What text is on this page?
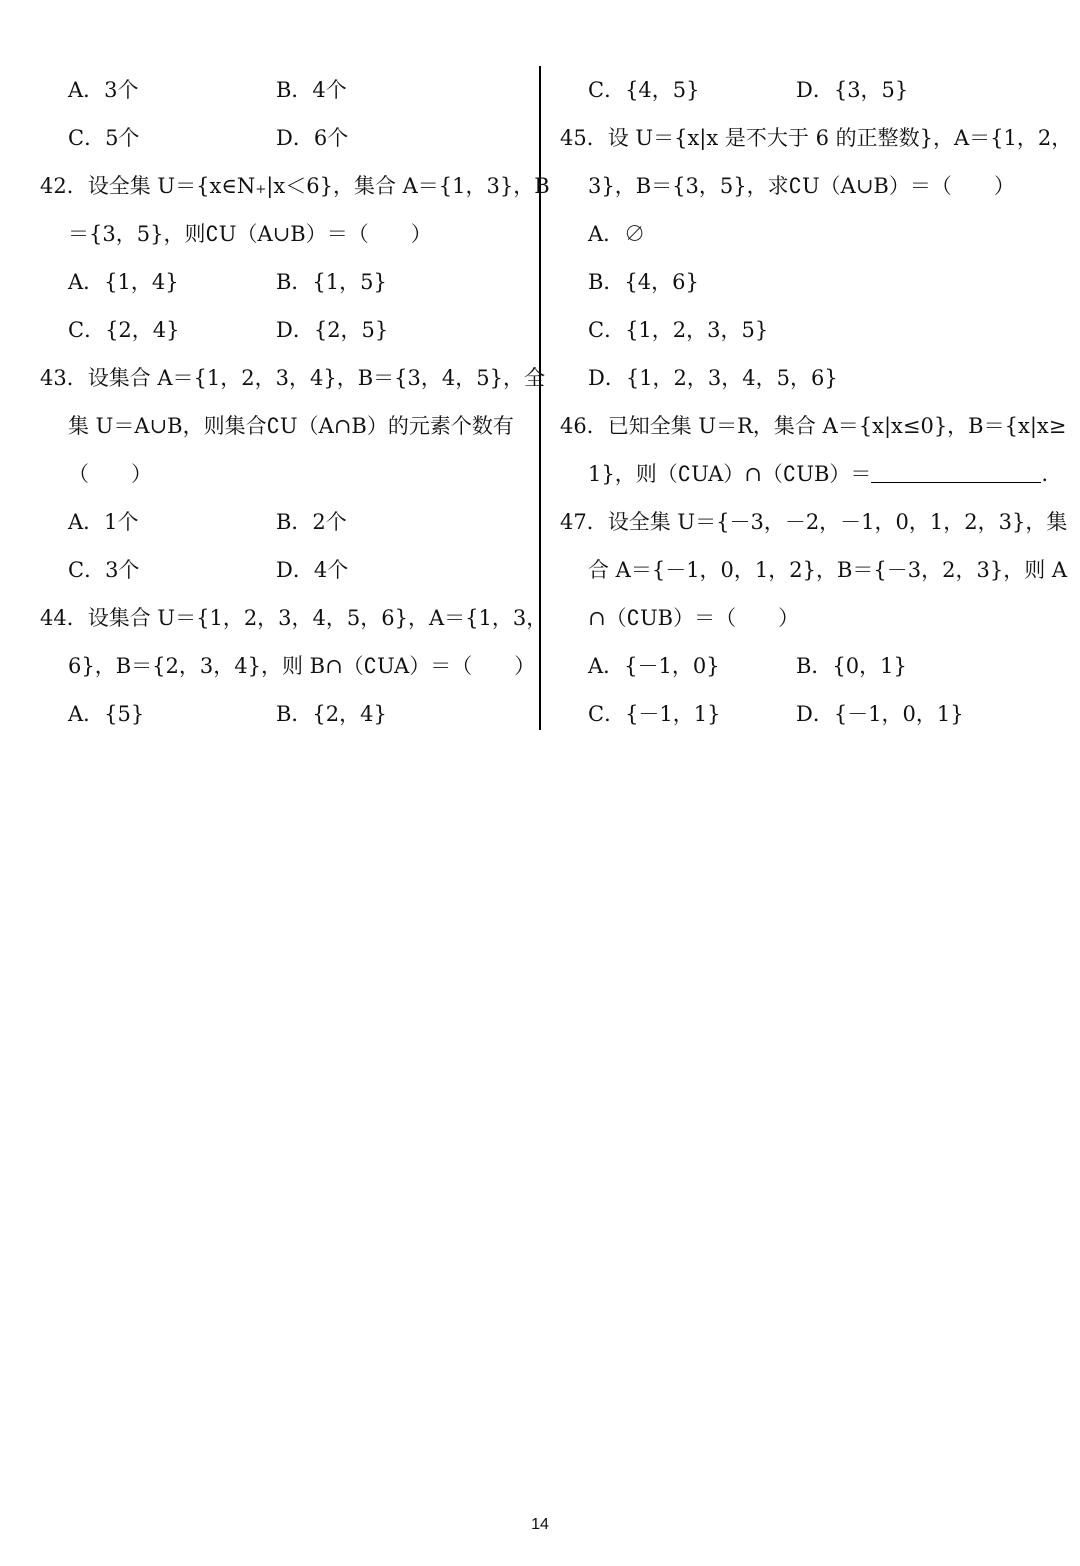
A．3个	B．4个
C．5个	D．6个
42．设全集 U＝{x∈N₊|x＜6}，集合 A＝{1，3}，B
＝{3，5}，则∁U（A∪B）＝（　　）
A．{1，4}	B．{1，5}
C．{2，4}	D．{2，5}
43．设集合 A＝{1，2，3，4}，B＝{3，4，5}，全
集 U＝A∪B，则集合∁U（A∩B）的元素个数有
（　　）
A．1个	B．2个
C．3个	D．4个
44．设集合 U＝{1，2，3，4，5，6}，A＝{1，3，
6}，B＝{2，3，4}，则 B∩（∁UA）＝（　　）
A．{5}	B．{2，4}
C．{4，5}	D．{3，5}
45．设 U＝{x|x 是不大于 6 的正整数}，A＝{1，2，
3}，B＝{3，5}，求∁U（A∪B）＝（　　）
A．∅
B．{4，6}
C．{1，2，3，5}
D．{1，2，3，4，5，6}
46．已知全集 U＝R，集合 A＝{x|x≤0}，B＝{x|x≥
1}，则（∁UA）∩（∁UB）＝	.
47．设全集 U＝{－3，－2，－1，0，1，2，3}，集
合 A＝{－1，0，1，2}，B＝{－3，2，3}，则 A
∩（∁UB）＝（　　）
A．{－1，0}	B．{0，1}
C．{－1，1}	D．{－1，0，1}
14
